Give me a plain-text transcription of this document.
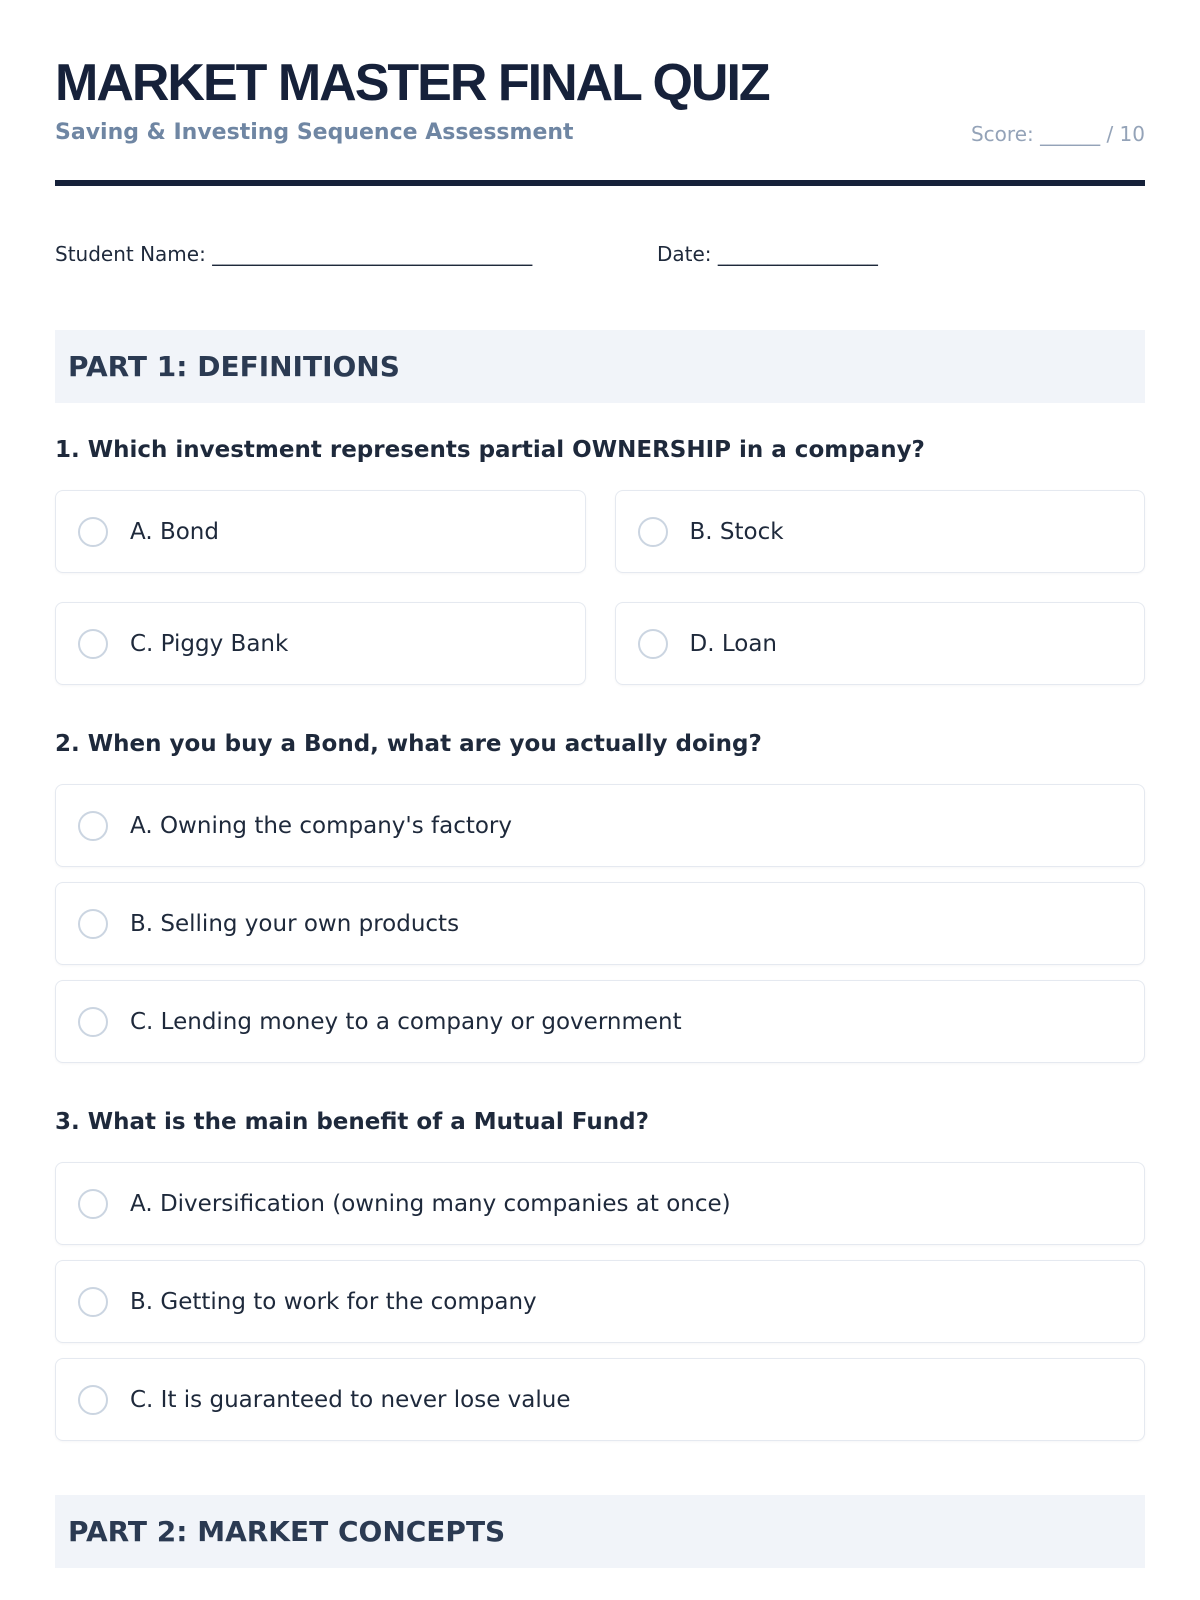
MARKET MASTER FINAL QUIZ
Saving & Investing Sequence Assessment	Score: ______ / 10
Student Name: ________________________________	Date: ________________
PART 1: DEFINITIONS
1. Which investment represents partial OWNERSHIP in a company?
A. Bond	B. Stock
C. Piggy Bank	D. Loan
2. When you buy a Bond, what are you actually doing?
A. Owning the company's factory
B. Selling your own products
C. Lending money to a company or government
3. What is the main benefit of a Mutual Fund?
A. Diversification (owning many companies at once)
B. Getting to work for the company
C. It is guaranteed to never lose value
PART 2: MARKET CONCEPTS
